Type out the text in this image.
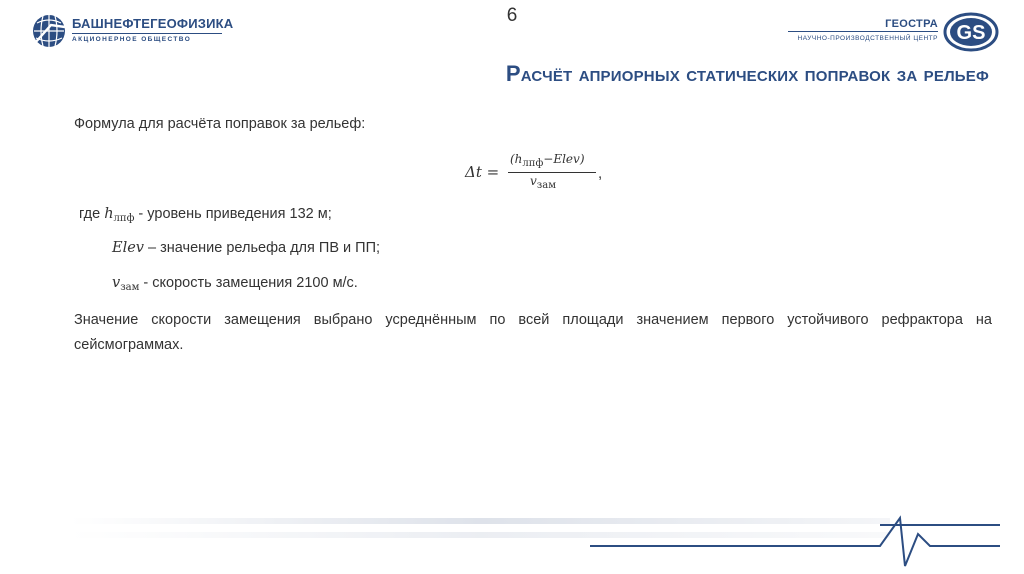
БАШНЕФТЕГЕОФИЗИКА
АКЦИОНЕРНОЕ ОБЩЕСТВО
6	ГЕОСТРА
НАУЧНО-ПРОИЗВОДСТВЕННЫЙ ЦЕНТР GS
Расчёт априорных статических поправок за рельеф
Формула для расчёта поправок за рельеф:
Δt =
$(h_{лпф}-Elev)$
$v_{зам}$
,
где $h_{лпф}$ - уровень приведения 132 м;
Elev – значение рельефа для ПВ и ПП;
$v_{зам}$ - скорость замещения 2100 м/с.
Значение скорости замещения выбрано усреднённым по всей площади значением первого устойчивого рефрактора на сейсмограммах.
